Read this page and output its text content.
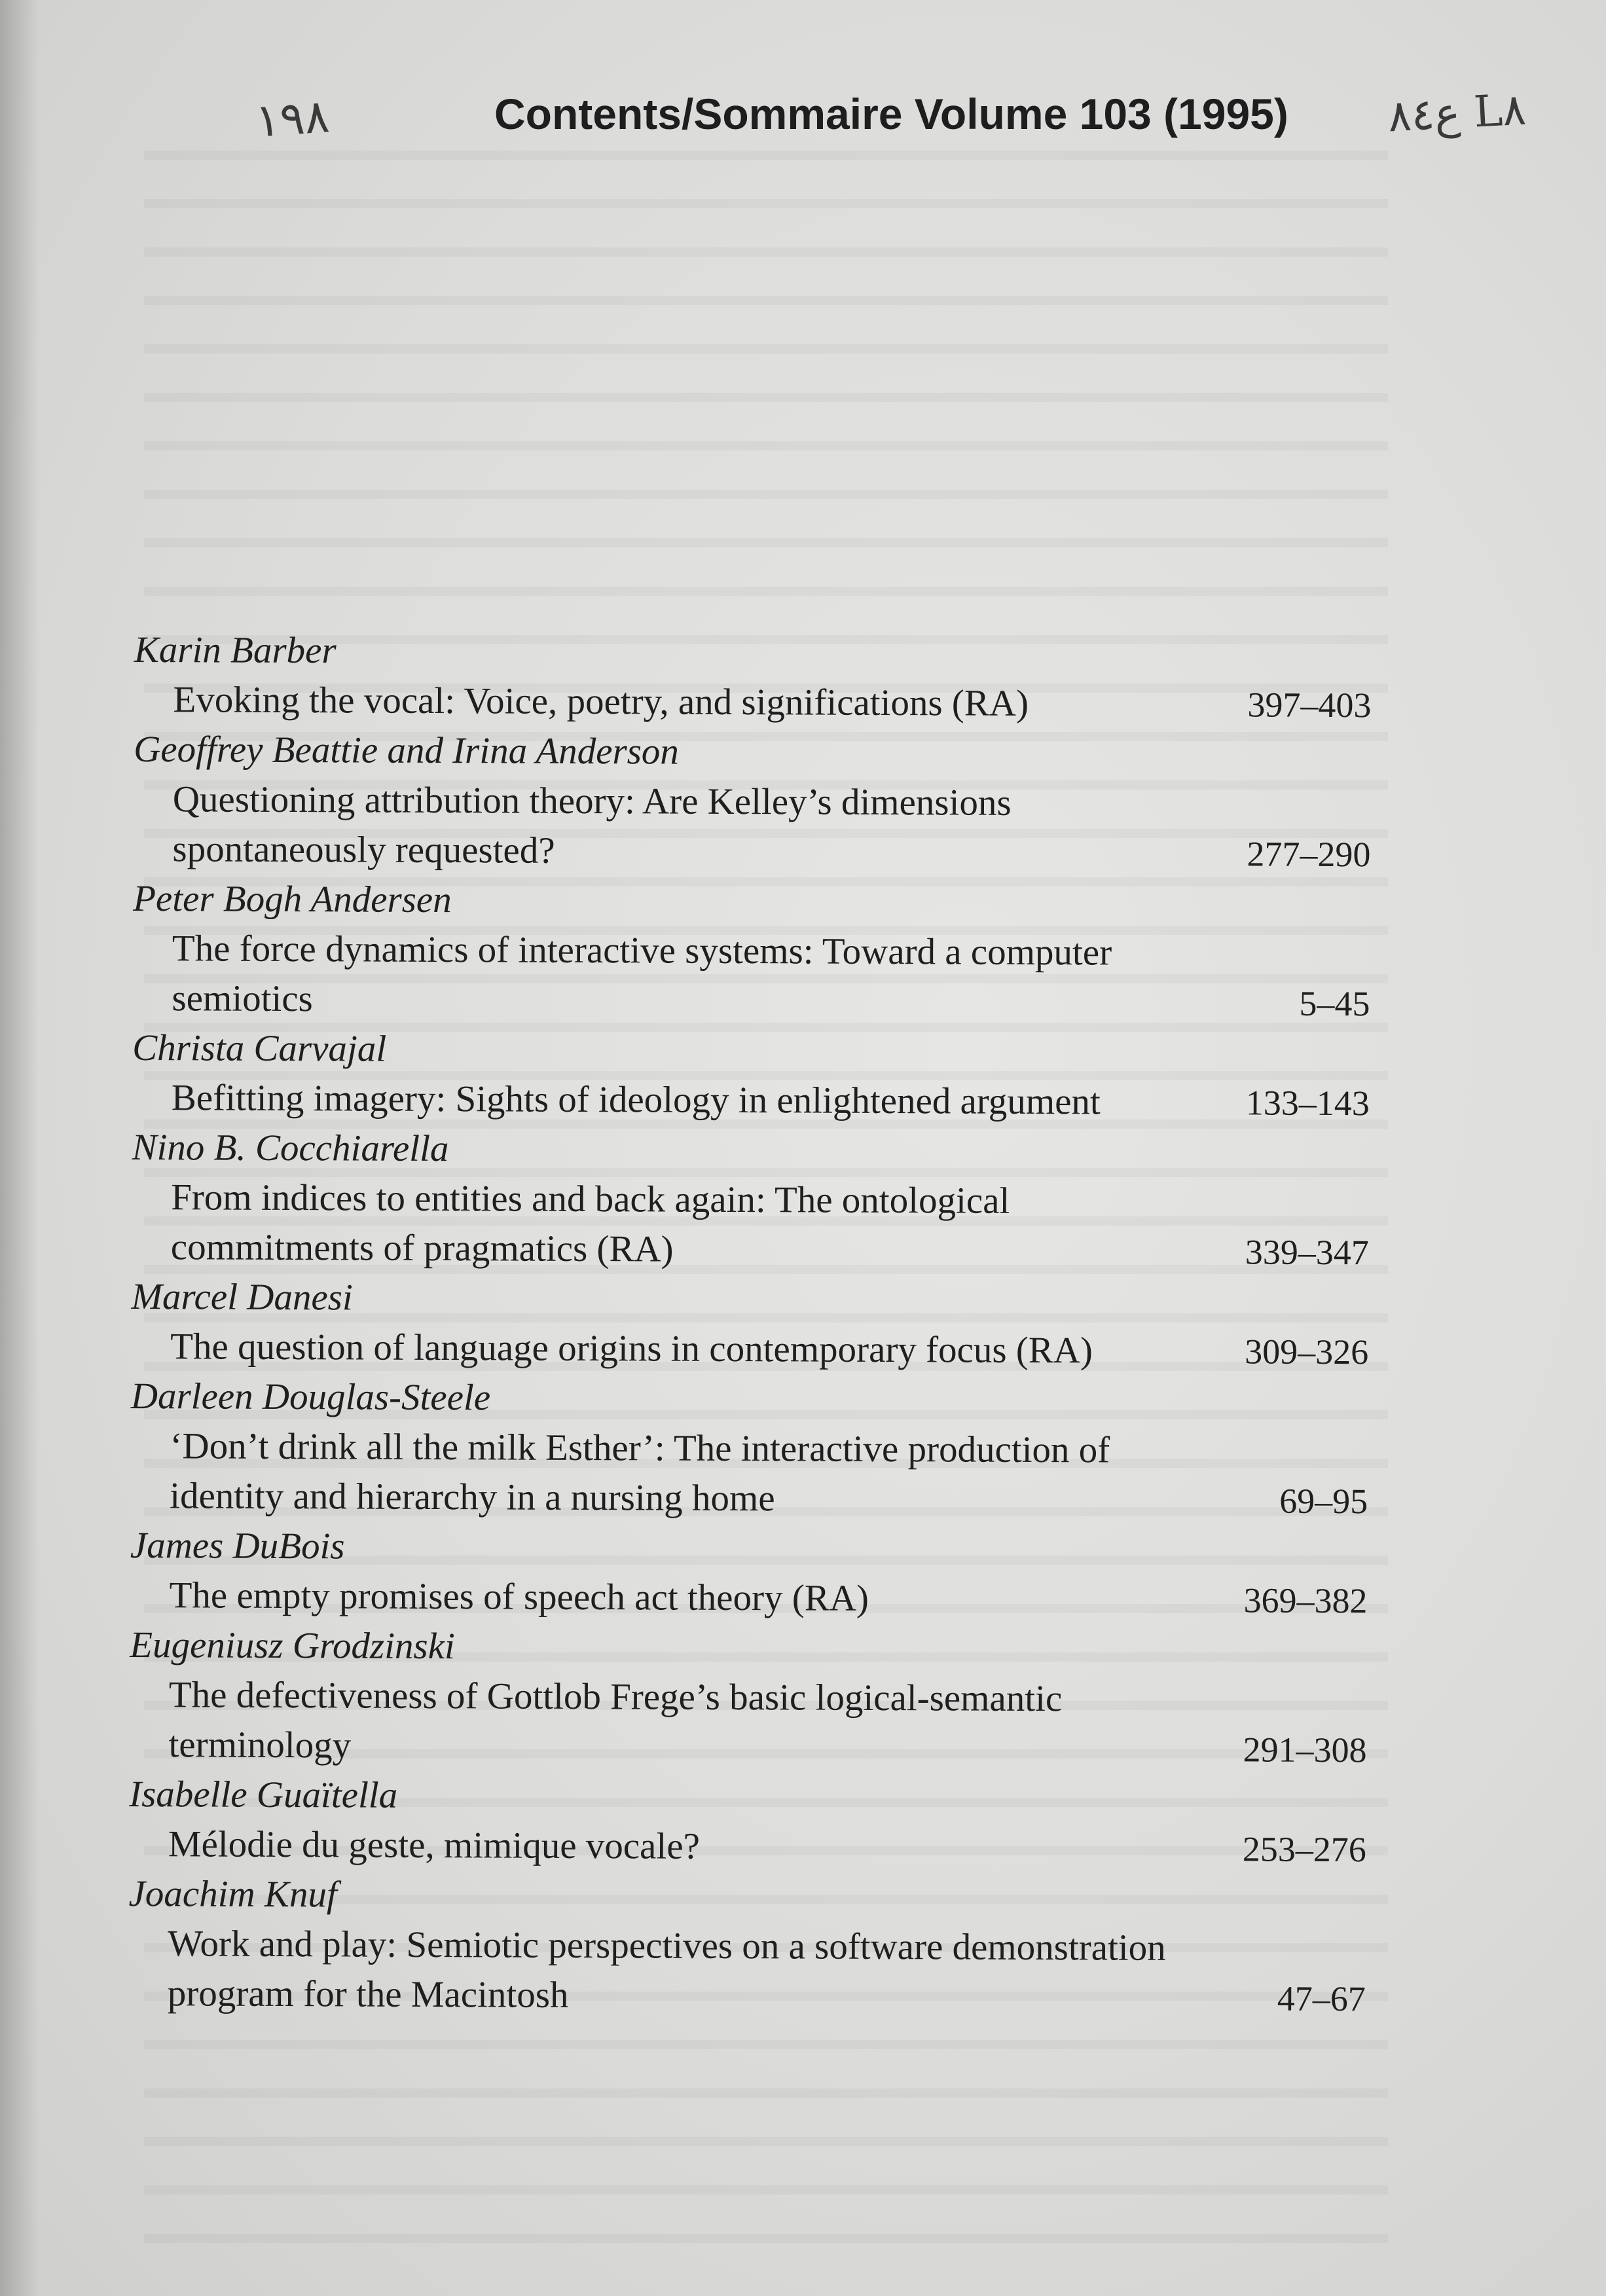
١٩٨	Contents/Sommaire Volume 103 (1995) ع٨٤ L٨
Karin Barber
Evoking the vocal: Voice, poetry, and significations (RA)	397–403
Geoffrey Beattie and Irina Anderson
Questioning attribution theory: Are Kelley’s dimensions spontaneously requested?	277–290
Peter Bogh Andersen
The force dynamics of interactive systems: Toward a computer semiotics	5–45
Christa Carvajal
Befitting imagery: Sights of ideology in enlightened argument	133–143
Nino B. Cocchiarella
From indices to entities and back again: The ontological commitments of pragmatics (RA)	339–347
Marcel Danesi
The question of language origins in contemporary focus (RA)	309–326
Darleen Douglas-Steele
‘Don’t drink all the milk Esther’: The interactive production of identity and hierarchy in a nursing home	69–95
James DuBois
The empty promises of speech act theory (RA)	369–382
Eugeniusz Grodzinski
The defectiveness of Gottlob Frege’s basic logical-semantic terminology	291–308
Isabelle Guaïtella
Mélodie du geste, mimique vocale?	253–276
Joachim Knuf
Work and play: Semiotic perspectives on a software demonstration program for the Macintosh	47–67
